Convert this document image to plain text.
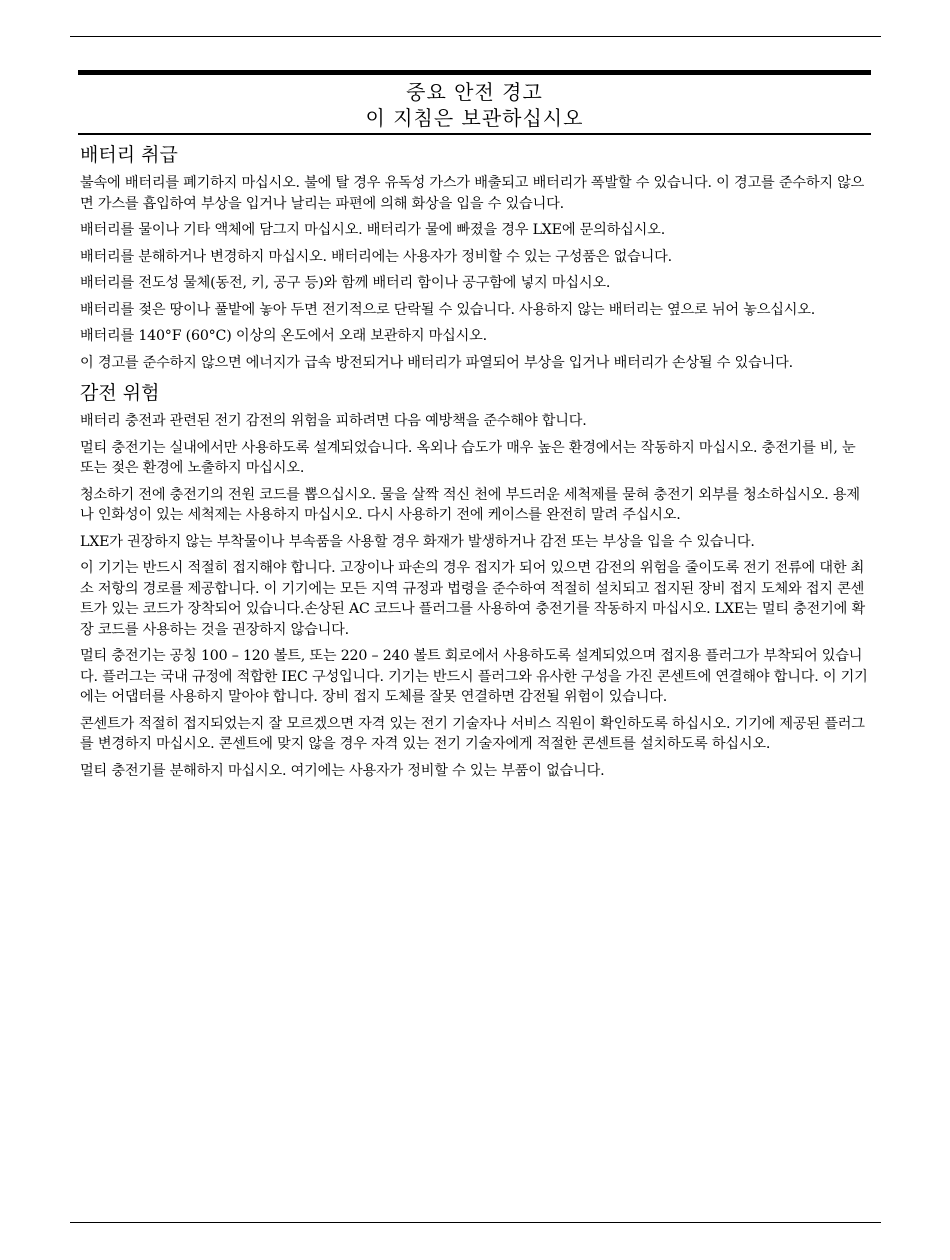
중요 안전 경고
이 지침은 보관하십시오
배터리 취급

불속에 배터리를 폐기하지 마십시오. 불에 탈 경우 유독성 가스가 배출되고 배터리가 폭발할 수 있습니다. 이 경고를 준수하지 않으면 가스를 흡입하여 부상을 입거나 날리는 파편에 의해 화상을 입을 수 있습니다.

배터리를 물이나 기타 액체에 담그지 마십시오. 배터리가 물에 빠졌을 경우 LXE에 문의하십시오.

배터리를 분해하거나 변경하지 마십시오. 배터리에는 사용자가 정비할 수 있는 구성품은 없습니다.

배터리를 전도성 물체(동전, 키, 공구 등)와 함께 배터리 함이나 공구함에 넣지 마십시오.

배터리를 젖은 땅이나 풀밭에 놓아 두면 전기적으로 단락될 수 있습니다. 사용하지 않는 배터리는 옆으로 뉘어 놓으십시오.

배터리를 140°F (60°C) 이상의 온도에서 오래 보관하지 마십시오.

이 경고를 준수하지 않으면 에너지가 급속 방전되거나 배터리가 파열되어 부상을 입거나 배터리가 손상될 수 있습니다.

감전 위험

배터리 충전과 관련된 전기 감전의 위험을 피하려면 다음 예방책을 준수해야 합니다.

멀티 충전기는 실내에서만 사용하도록 설계되었습니다. 옥외나 습도가 매우 높은 환경에서는 작동하지 마십시오. 충전기를 비, 눈 또는 젖은 환경에 노출하지 마십시오.

청소하기 전에 충전기의 전원 코드를 뽑으십시오. 물을 살짝 적신 천에 부드러운 세척제를 묻혀 충전기 외부를 청소하십시오. 용제나 인화성이 있는 세척제는 사용하지 마십시오. 다시 사용하기 전에 케이스를 완전히 말려 주십시오.

LXE가 권장하지 않는 부착물이나 부속품을 사용할 경우 화재가 발생하거나 감전 또는 부상을 입을 수 있습니다.

이 기기는 반드시 적절히 접지해야 합니다. 고장이나 파손의 경우 접지가 되어 있으면 감전의 위험을 줄이도록 전기 전류에 대한 최소 저항의 경로를 제공합니다. 이 기기에는 모든 지역 규정과 법령을 준수하여 적절히 설치되고 접지된 장비 접지 도체와 접지 콘센트가 있는 코드가 장착되어 있습니다.손상된 AC 코드나 플러그를 사용하여 충전기를 작동하지 마십시오. LXE는 멀티 충전기에 확장 코드를 사용하는 것을 권장하지 않습니다.

멀티 충전기는 공칭 100 – 120 볼트, 또는 220 – 240 볼트 회로에서 사용하도록 설계되었으며 접지용 플러그가 부착되어 있습니다. 플러그는 국내 규정에 적합한 IEC 구성입니다. 기기는 반드시 플러그와 유사한 구성을 가진 콘센트에 연결해야 합니다. 이 기기에는 어댑터를 사용하지 말아야 합니다. 장비 접지 도체를 잘못 연결하면 감전될 위험이 있습니다.

콘센트가 적절히 접지되었는지 잘 모르겠으면 자격 있는 전기 기술자나 서비스 직원이 확인하도록 하십시오. 기기에 제공된 플러그를 변경하지 마십시오. 콘센트에 맞지 않을 경우 자격 있는 전기 기술자에게 적절한 콘센트를 설치하도록 하십시오.

멀티 충전기를 분해하지 마십시오. 여기에는 사용자가 정비할 수 있는 부품이 없습니다.
